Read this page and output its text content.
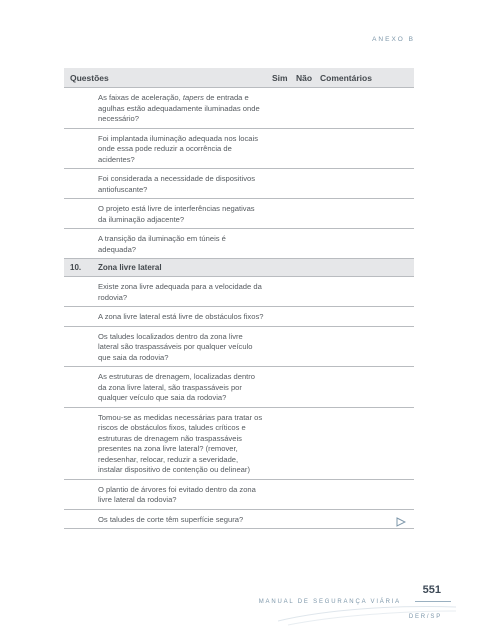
ANEXO B
Questões	Sim Não Comentários
As faixas de aceleração, tapers de entrada e agulhas estão adequadamente iluminadas onde necessário?
Foi implantada iluminação adequada nos locais onde essa pode reduzir a ocorrência de acidentes?
Foi considerada a necessidade de dispositivos antiofuscante?
O projeto está livre de interferências negativas da iluminação adjacente?
A transição da iluminação em túneis é adequada?
10. Zona livre lateral
Existe zona livre adequada para a velocidade da rodovia?
A zona livre lateral está livre de obstáculos fixos?
Os taludes localizados dentro da zona livre lateral são traspassáveis por qualquer veículo que saia da rodovia?
As estruturas de drenagem, localizadas dentro da zona livre lateral, são traspassáveis por qualquer veículo que saia da rodovia?
Tomou-se as medidas necessárias para tratar os riscos de obstáculos fixos, taludes críticos e estruturas de drenagem não traspassáveis presentes na zona livre lateral? (remover, redesenhar, relocar, reduzir a severidade, instalar dispositivo de contenção ou delinear)
O plantio de árvores foi evitado dentro da zona livre lateral da rodovia?
Os taludes de corte têm superfície segura?
551
MANUAL DE SEGURANÇA VIÁRIA
DER/SP
